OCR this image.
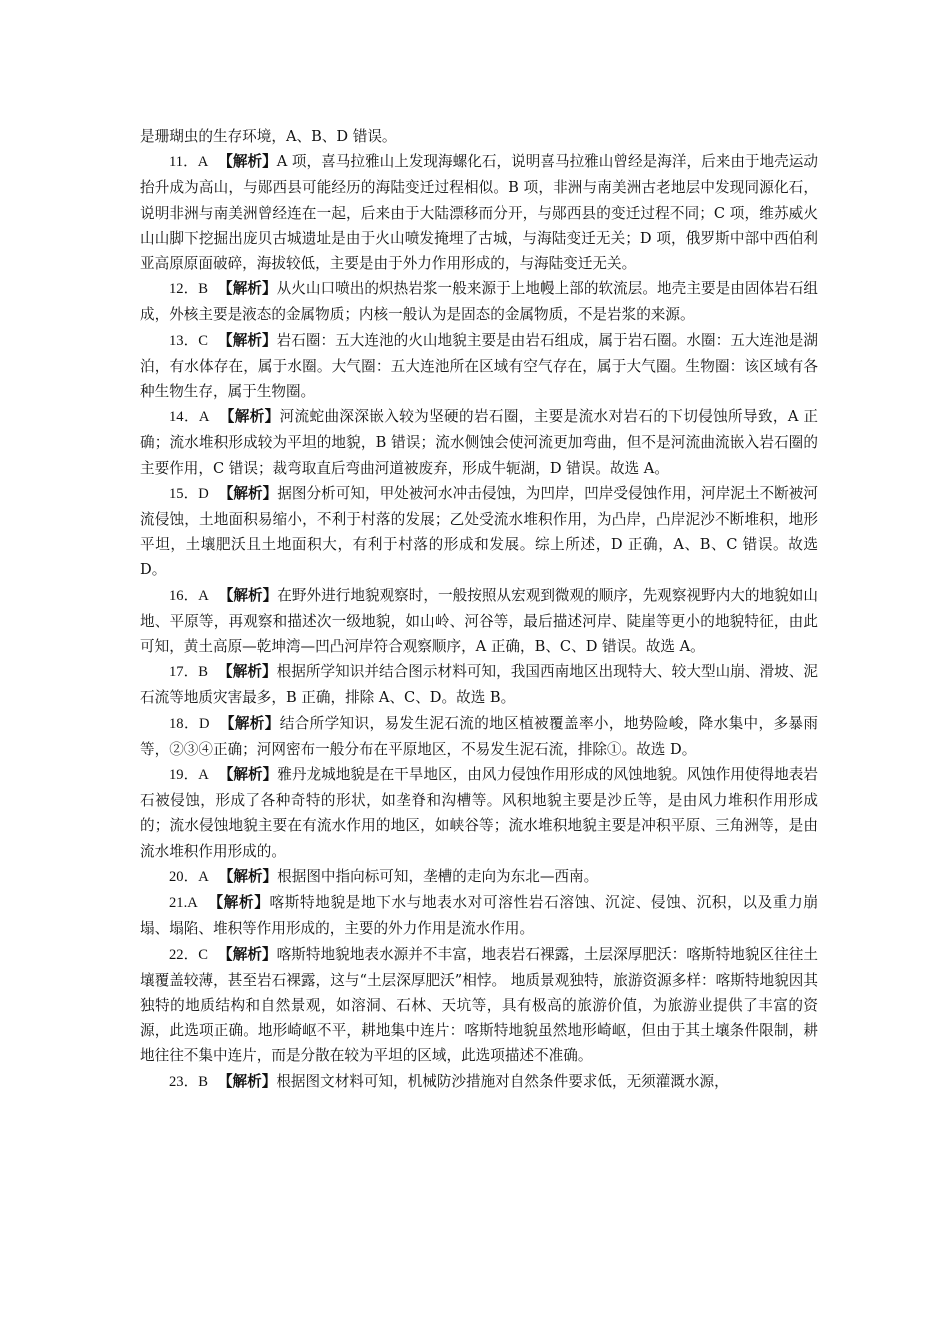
是珊瑚虫的生存环境，A、B、D 错误。

11．A 【解析】A 项，喜马拉雅山上发现海螺化石，说明喜马拉雅山曾经是海洋，后来由于地壳运动抬升成为高山，与郧西县可能经历的海陆变迁过程相似。B 项，非洲与南美洲古老地层中发现同源化石，说明非洲与南美洲曾经连在一起，后来由于大陆漂移而分开，与郧西县的变迁过程不同；C 项，维苏威火山山脚下挖掘出庞贝古城遗址是由于火山喷发掩埋了古城，与海陆变迁无关；D 项，俄罗斯中部中西伯利亚高原原面破碎，海拔较低，主要是由于外力作用形成的，与海陆变迁无关。

12．B 【解析】从火山口喷出的炽热岩浆一般来源于上地幔上部的软流层。地壳主要是由固体岩石组成，外核主要是液态的金属物质；内核一般认为是固态的金属物质，不是岩浆的来源。

13．C 【解析】岩石圈：五大连池的火山地貌主要是由岩石组成，属于岩石圈。水圈：五大连池是湖泊，有水体存在，属于水圈。大气圈：五大连池所在区域有空气存在，属于大气圈。生物圈：该区域有各种生物生存，属于生物圈。

14．A 【解析】河流蛇曲深深嵌入较为坚硬的岩石圈，主要是流水对岩石的下切侵蚀所导致，A 正确；流水堆积形成较为平坦的地貌，B 错误；流水侧蚀会使河流更加弯曲，但不是河流曲流嵌入岩石圈的主要作用，C 错误；裁弯取直后弯曲河道被废弃，形成牛轭湖，D 错误。故选 A。

15．D 【解析】据图分析可知，甲处被河水冲击侵蚀，为凹岸，凹岸受侵蚀作用，河岸泥土不断被河流侵蚀，土地面积易缩小，不利于村落的发展；乙处受流水堆积作用，为凸岸，凸岸泥沙不断堆积，地形平坦，土壤肥沃且土地面积大，有利于村落的形成和发展。综上所述，D 正确，A、B、C 错误。故选 D。

16．A 【解析】在野外进行地貌观察时，一般按照从宏观到微观的顺序，先观察视野内大的地貌如山地、平原等，再观察和描述次一级地貌，如山岭、河谷等，最后描述河岸、陡崖等更小的地貌特征，由此可知，黄土高原—乾坤湾—凹凸河岸符合观察顺序，A 正确，B、C、D 错误。故选 A。

17．B 【解析】根据所学知识并结合图示材料可知，我国西南地区出现特大、较大型山崩、滑坡、泥石流等地质灾害最多，B 正确，排除 A、C、D。故选 B。

18．D 【解析】结合所学知识，易发生泥石流的地区植被覆盖率小，地势险峻，降水集中，多暴雨等，②③④正确；河网密布一般分布在平原地区，不易发生泥石流，排除①。故选 D。

19．A 【解析】雅丹龙城地貌是在干旱地区，由风力侵蚀作用形成的风蚀地貌。风蚀作用使得地表岩石被侵蚀，形成了各种奇特的形状，如垄脊和沟槽等。风积地貌主要是沙丘等，是由风力堆积作用形成的；流水侵蚀地貌主要在有流水作用的地区，如峡谷等；流水堆积地貌主要是冲积平原、三角洲等，是由流水堆积作用形成的。

20．A 【解析】根据图中指向标可知，垄槽的走向为东北—西南。

21.A 【解析】喀斯特地貌是地下水与地表水对可溶性岩石溶蚀、沉淀、侵蚀、沉积，以及重力崩塌、塌陷、堆积等作用形成的，主要的外力作用是流水作用。

22．C 【解析】喀斯特地貌地表水源并不丰富，地表岩石裸露，土层深厚肥沃：喀斯特地貌区往往土壤覆盖较薄，甚至岩石裸露，这与“土层深厚肥沃”相悖。 地质景观独特，旅游资源多样：喀斯特地貌因其独特的地质结构和自然景观，如溶洞、石林、天坑等，具有极高的旅游价值，为旅游业提供了丰富的资源，此选项正确。地形崎岖不平，耕地集中连片：喀斯特地貌虽然地形崎岖，但由于其土壤条件限制，耕地往往不集中连片，而是分散在较为平坦的区域，此选项描述不准确。

23．B 【解析】根据图文材料可知，机械防沙措施对自然条件要求低，无须灌溉水源，
